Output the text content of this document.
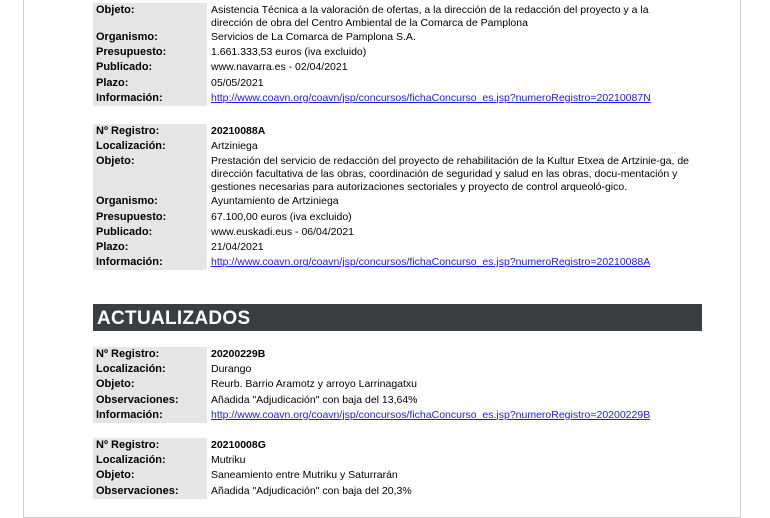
Objeto:	Asistencia Técnica a la valoración de ofertas, a la dirección de la redacción del proyecto y a la dirección de obra del Centro Ambiental de la Comarca de Pamplona
Organismo:	Servicios de La Comarca de Pamplona S.A.
Presupuesto:	1.661.333,53 euros (iva excluido)
Publicado:	www.navarra.es - 02/04/2021
Plazo:	05/05/2021
Información:	http://www.coavn.org/coavn/jsp/concursos/fichaConcurso_es.jsp?numeroRegistro=20210087N
Nº Registro:	20210088A
Localización:	Artziniega
Objeto:	Prestación del servicio de redacción del proyecto de rehabilitación de la Kultur Etxea de Artzinie-ga, de dirección facultativa de las obras, coordinación de seguridad y salud en las obras, docu-mentación y gestiones necesarias para autorizaciones sectoriales y proyecto de control arqueoló-gico.
Organismo:	Ayuntamiento de Artziniega
Presupuesto:	67.100,00 euros (iva excluido)
Publicado:	www.euskadi.eus - 06/04/2021
Plazo:	21/04/2021
Información:	http://www.coavn.org/coavn/jsp/concursos/fichaConcurso_es.jsp?numeroRegistro=20210088A
ACTUALIZADOS
Nº Registro:	20200229B
Localización:	Durango
Objeto:	Reurb. Barrio Aramotz y arroyo Larrinagatxu
Observaciones:	Añadida "Adjudicación" con baja del 13,64%
Información:	http://www.coavn.org/coavn/jsp/concursos/fichaConcurso_es.jsp?numeroRegistro=20200229B
Nº Registro:	20210008G
Localización:	Mutriku
Objeto:	Saneamiento entre Mutriku y Saturrarán
Observaciones:	Añadida "Adjudicación" con baja del 20,3%
